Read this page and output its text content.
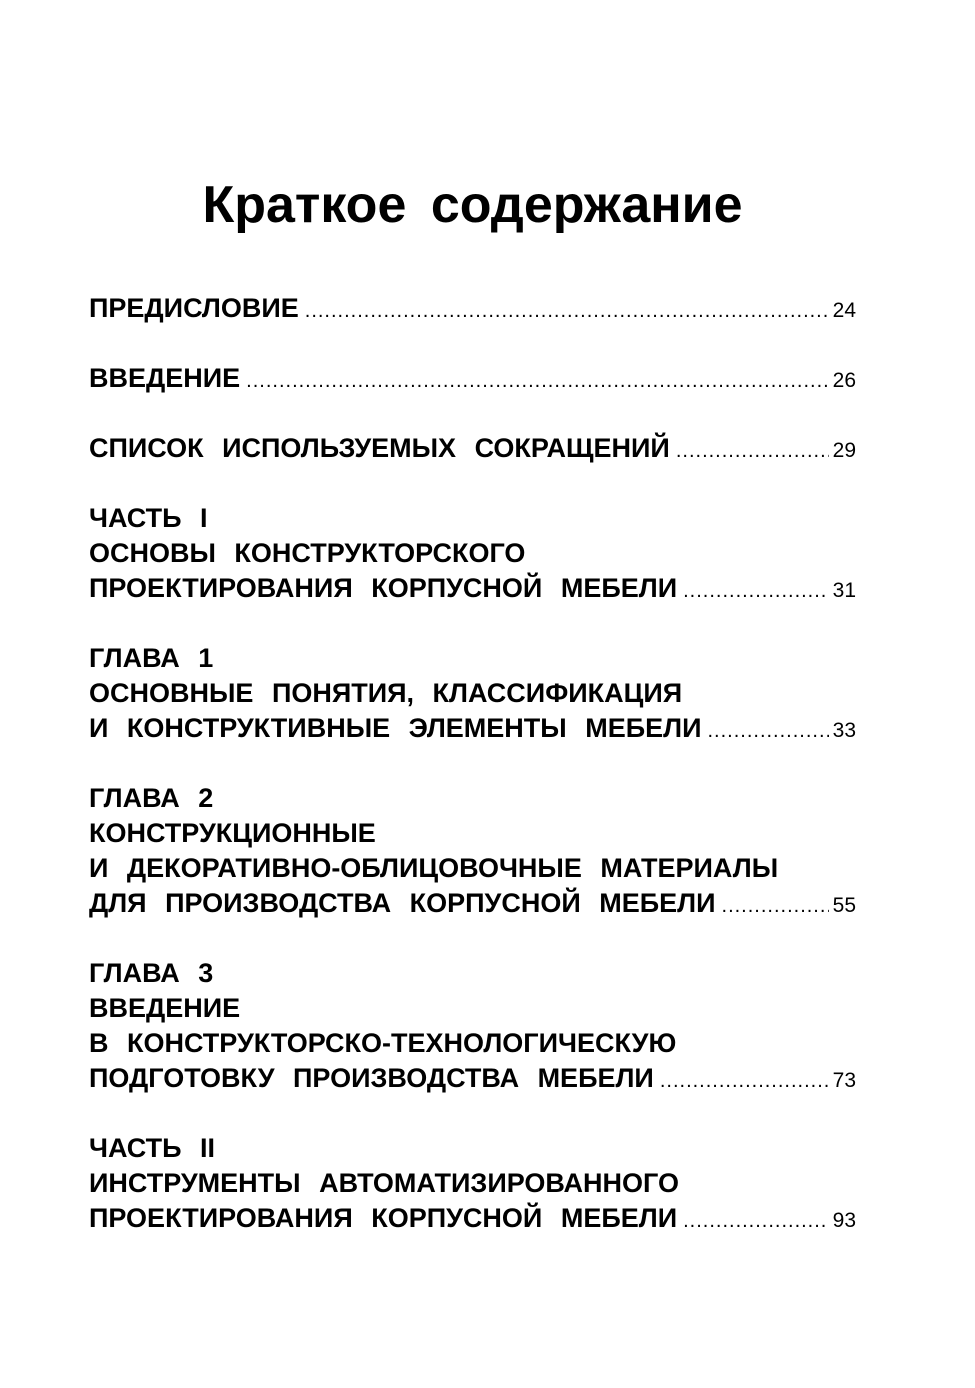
Краткое содержание
ПРЕДИСЛОВИЕ .....	24
ВВЕДЕНИЕ .....	26
СПИСОК ИСПОЛЬЗУЕМЫХ СОКРАЩЕНИЙ .....	29
ЧАСТЬ I
ОСНОВЫ КОНСТРУКТОРСКОГО
ПРОЕКТИРОВАНИЯ КОРПУСНОЙ МЕБЕЛИ .....	31
ГЛАВА 1
ОСНОВНЫЕ ПОНЯТИЯ, КЛАССИФИКАЦИЯ
И КОНСТРУКТИВНЫЕ ЭЛЕМЕНТЫ МЕБЕЛИ .....	33
ГЛАВА 2
КОНСТРУКЦИОННЫЕ
И ДЕКОРАТИВНО-ОБЛИЦОВОЧНЫЕ МАТЕРИАЛЫ
ДЛЯ ПРОИЗВОДСТВА КОРПУСНОЙ МЕБЕЛИ .....	55
ГЛАВА 3
ВВЕДЕНИЕ
В КОНСТРУКТОРСКО-ТЕХНОЛОГИЧЕСКУЮ
ПОДГОТОВКУ ПРОИЗВОДСТВА МЕБЕЛИ .....	73
ЧАСТЬ II
ИНСТРУМЕНТЫ АВТОМАТИЗИРОВАННОГО
ПРОЕКТИРОВАНИЯ КОРПУСНОЙ МЕБЕЛИ .....	93
